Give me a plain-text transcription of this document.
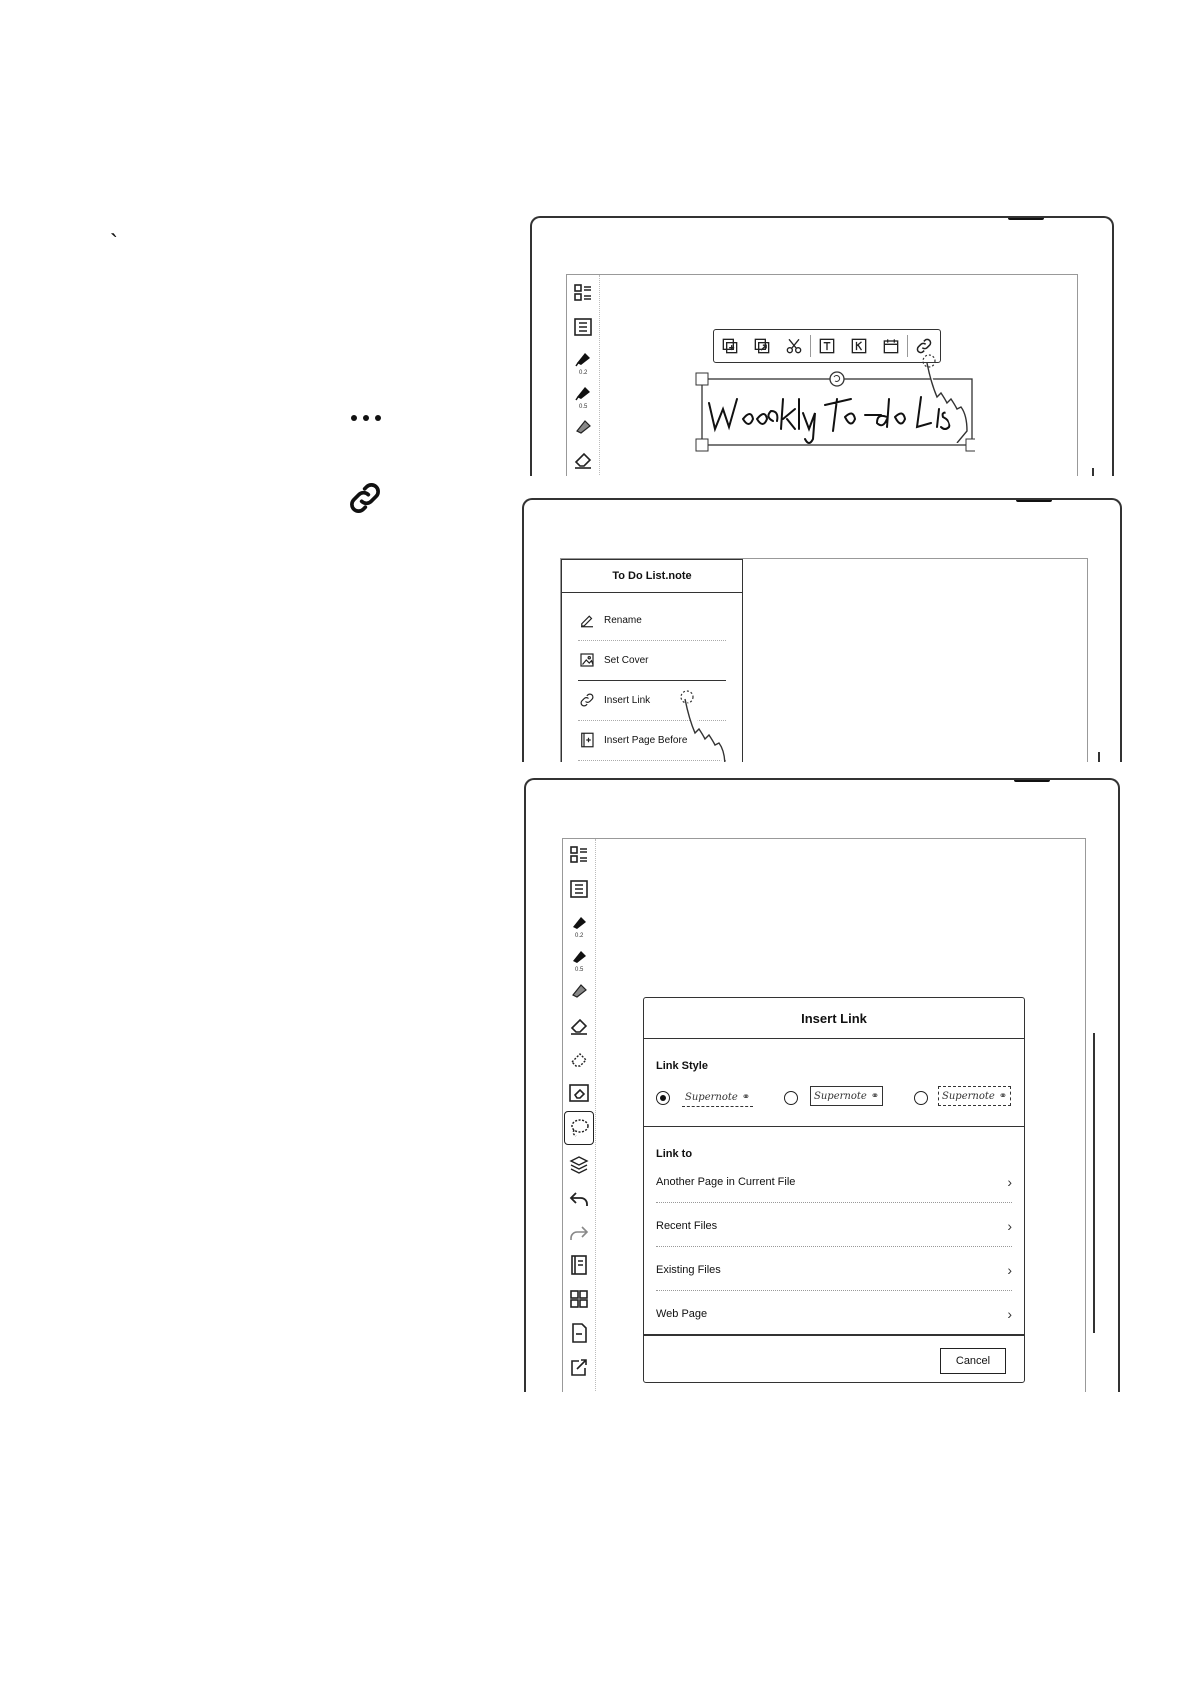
`
0.2
0.5
To Do List.note
Rename
Set Cover
Insert Link
Insert Page Before
0.2
0.5
Insert Link
Link Style
Supernote ⚭	Supernote ⚭	Supernote ⚭
Link to
Another Page in Current File	›
Recent Files	›
Existing Files	›
Web Page	›
Cancel
